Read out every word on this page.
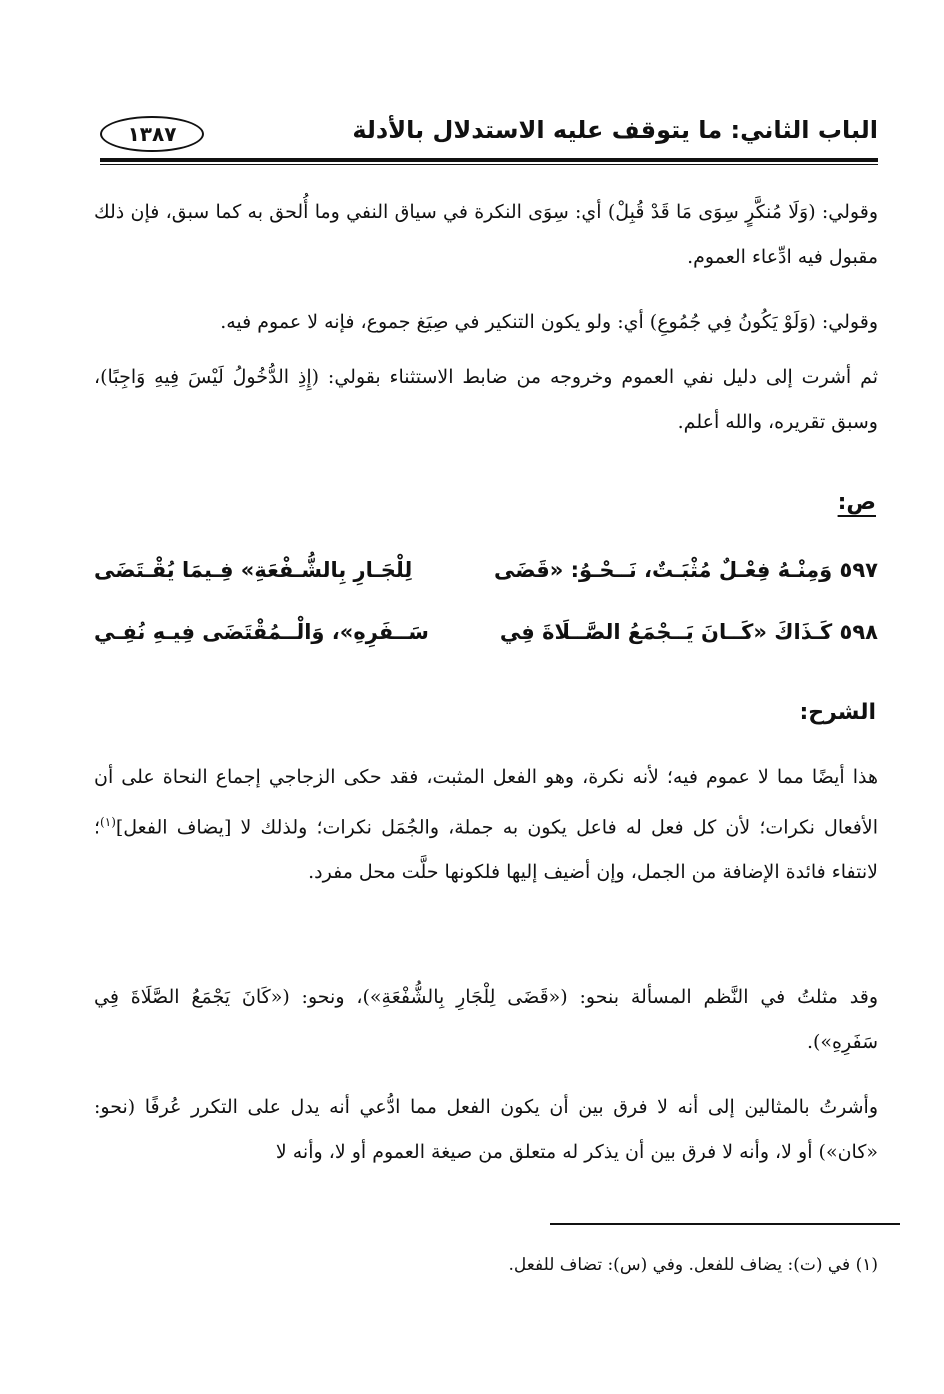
الباب الثاني: ما يتوقف عليه الاستدلال بالأدلة
١٣٨٧
وقولي: (وَلَا مُنكَّرٍ سِوَى مَا قَدْ قُبِلْ) أي: سِوَى النكرة في سياق النفي وما أُلحق به كما سبق، فإن ذلك مقبول فيه ادِّعاء العموم.
وقولي: (وَلَوْ يَكُونُ فِي جُمُوعِ) أي: ولو يكون التنكير في صِيَغ جموع، فإنه لا عموم فيه.
ثم أشرت إلى دليل نفي العموم وخروجه من ضابط الاستثناء بقولي: (إِذِ الدُّخُولُ لَيْسَ فِيهِ وَاجِبًا)، وسبق تقريره، والله أعلم.
ص:
٥٩٧ وَمِنْـهُ فِعْـلٌ مُثْبَـتٌ، نَــحْـوُ: «قَضَى
لِلْجَـارِ بِالشُّـفْعَةِ» فِـيمَا يُقْـتَضَى
٥٩٨ كَـذَاكَ «كَــانَ يَــجْمَعُ الصَّــلَاةَ فِي
سَــفَرِهِ»، وَالْــمُقْتَضَى فِيـهِ نُفِـي
الشرح:
هذا أيضًا مما لا عموم فيه؛ لأنه نكرة، وهو الفعل المثبت، فقد حكى الزجاجي إجماع النحاة على أن الأفعال نكرات؛ لأن كل فعل له فاعل يكون به جملة، والجُمَل نكرات؛ ولذلك لا [يضاف الفعل]$^{(١)}$؛ لانتفاء فائدة الإضافة من الجمل، وإن أضيف إليها فلكونها حلَّت محل مفرد.
وقد مثلتُ في النَّظم المسألة بنحو: («قَضَى لِلْجَارِ بِالشُّفْعَةِ»)، ونحو: («كَانَ يَجْمَعُ الصَّلَاةَ فِي سَفَرِهِ»).
وأشرتُ بالمثالين إلى أنه لا فرق بين أن يكون الفعل مما ادُّعي أنه يدل على التكرر عُرفًا (نحو: «كان») أو لا، وأنه لا فرق بين أن يذكر له متعلق من صيغة العموم أو لا، وأنه لا
(١) في (ت): يضاف للفعل. وفي (س): تضاف للفعل.
